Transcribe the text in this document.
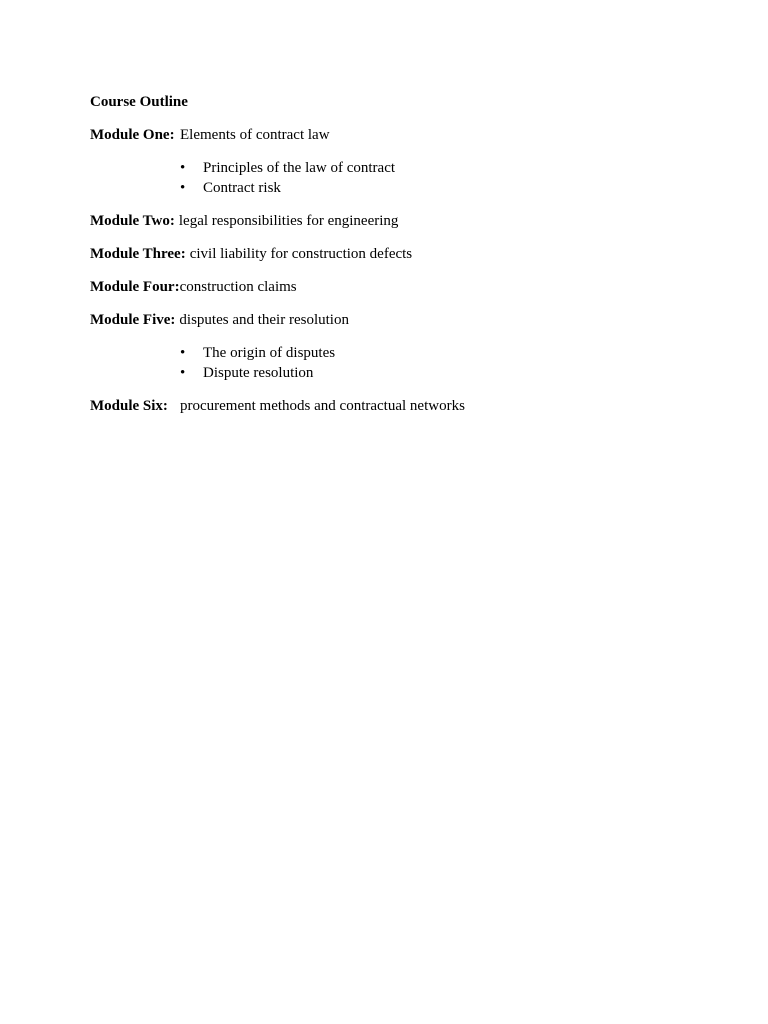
Course Outline
Module One: Elements of contract law
• Principles of the law of contract
• Contract risk
Module Two: legal responsibilities for engineering
Module Three: civil liability for construction defects
Module Four: construction claims
Module Five: disputes and their resolution
• The origin of disputes
• Dispute resolution
Module Six: procurement methods and contractual networks
